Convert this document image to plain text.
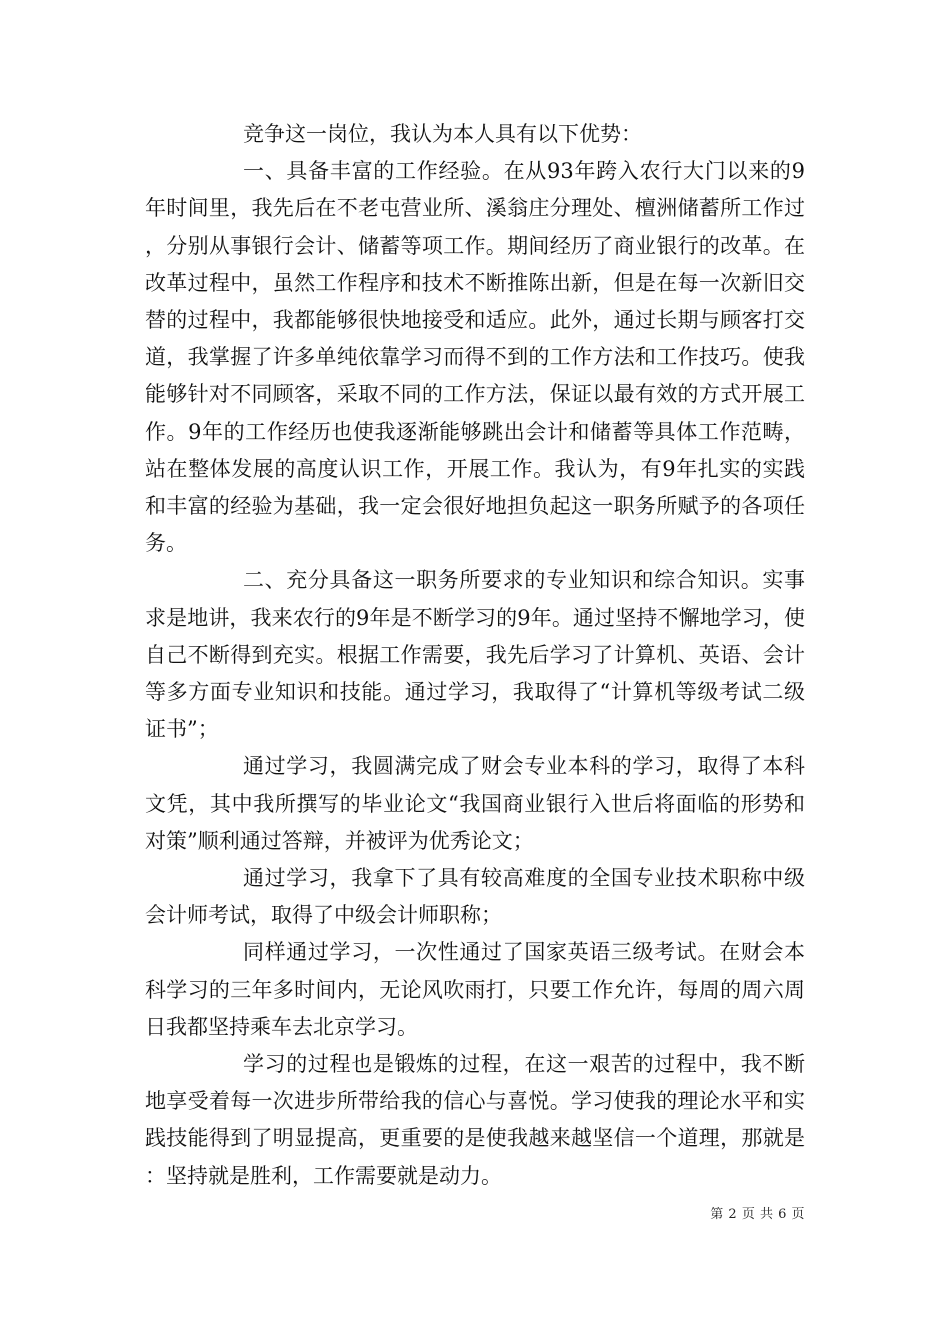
竞争这一岗位，我认为本人具有以下优势：

一、具备丰富的工作经验。在从93年跨入农行大门以来的9年时间里，我先后在不老屯营业所、溪翁庄分理处、檀洲储蓄所工作过，分别从事银行会计、储蓄等项工作。期间经历了商业银行的改革。在改革过程中，虽然工作程序和技术不断推陈出新，但是在每一次新旧交替的过程中，我都能够很快地接受和适应。此外，通过长期与顾客打交道，我掌握了许多单纯依靠学习而得不到的工作方法和工作技巧。使我能够针对不同顾客，采取不同的工作方法，保证以最有效的方式开展工作。9年的工作经历也使我逐渐能够跳出会计和储蓄等具体工作范畴，站在整体发展的高度认识工作，开展工作。我认为，有9年扎实的实践和丰富的经验为基础，我一定会很好地担负起这一职务所赋予的各项任务。

二、充分具备这一职务所要求的专业知识和综合知识。实事求是地讲，我来农行的9年是不断学习的9年。通过坚持不懈地学习，使自己不断得到充实。根据工作需要，我先后学习了计算机、英语、会计等多方面专业知识和技能。通过学习，我取得了“计算机等级考试二级证书”；

通过学习，我圆满完成了财会专业本科的学习，取得了本科文凭，其中我所撰写的毕业论文“我国商业银行入世后将面临的形势和对策”顺利通过答辩，并被评为优秀论文；

通过学习，我拿下了具有较高难度的全国专业技术职称中级会计师考试，取得了中级会计师职称；

同样通过学习，一次性通过了国家英语三级考试。在财会本科学习的三年多时间内，无论风吹雨打，只要工作允许，每周的周六周日我都坚持乘车去北京学习。

学习的过程也是锻炼的过程，在这一艰苦的过程中，我不断地享受着每一次进步所带给我的信心与喜悦。学习使我的理论水平和实践技能得到了明显提高，更重要的是使我越来越坚信一个道理，那就是：坚持就是胜利，工作需要就是动力。

第 2 页 共 6 页
